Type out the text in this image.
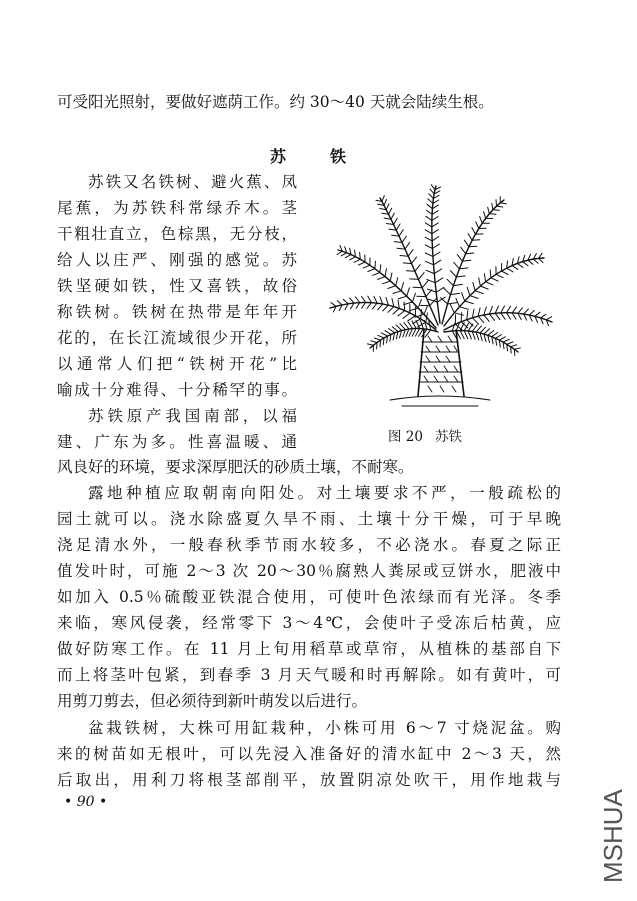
可受阳光照射，要做好遮荫工作。约 30～40 天就会陆续生根。
苏	铁
苏铁又名铁树、避火蕉、凤
尾蕉，为苏铁科常绿乔木。茎
干粗壮直立，色棕黑，无分枝，
给人以庄严、刚强的感觉。苏
铁坚硬如铁，性又喜铁，故俗
称铁树。铁树在热带是年年开
花的，在长江流域很少开花，所
以通常人们把“铁树开花”比
喻成十分难得、十分稀罕的事。
苏铁原产我国南部，以福
建、广东为多。性喜温暖、通
风良好的环境，要求深厚肥沃的砂质土壤，不耐寒。
露地种植应取朝南向阳处。对土壤要求不严，一般疏松的
园土就可以。浇水除盛夏久旱不雨、土壤十分干燥，可于早晚
浇足清水外，一般春秋季节雨水较多，不必浇水。春夏之际正
值发叶时，可施 2～3 次 20～30％腐熟人粪尿或豆饼水，肥液中
如加入 0.5％硫酸亚铁混合使用，可使叶色浓绿而有光泽。冬季
来临，寒风侵袭，经常零下 3～4℃，会使叶子受冻后枯黄，应
做好防寒工作。在 11 月上旬用稻草或草帘，从植株的基部自下
而上将茎叶包紧，到春季 3 月天气暖和时再解除。如有黄叶，可
用剪刀剪去，但必须待到新叶萌发以后进行。
盆栽铁树，大株可用缸栽种，小株可用 6～7 寸烧泥盆。购
来的树苗如无根叶，可以先浸入准备好的清水缸中 2～3 天，然
后取出，用利刀将根茎部削平，放置阴凉处吹干，用作地栽与
图 20 苏铁
• 90 •	MSHUA
